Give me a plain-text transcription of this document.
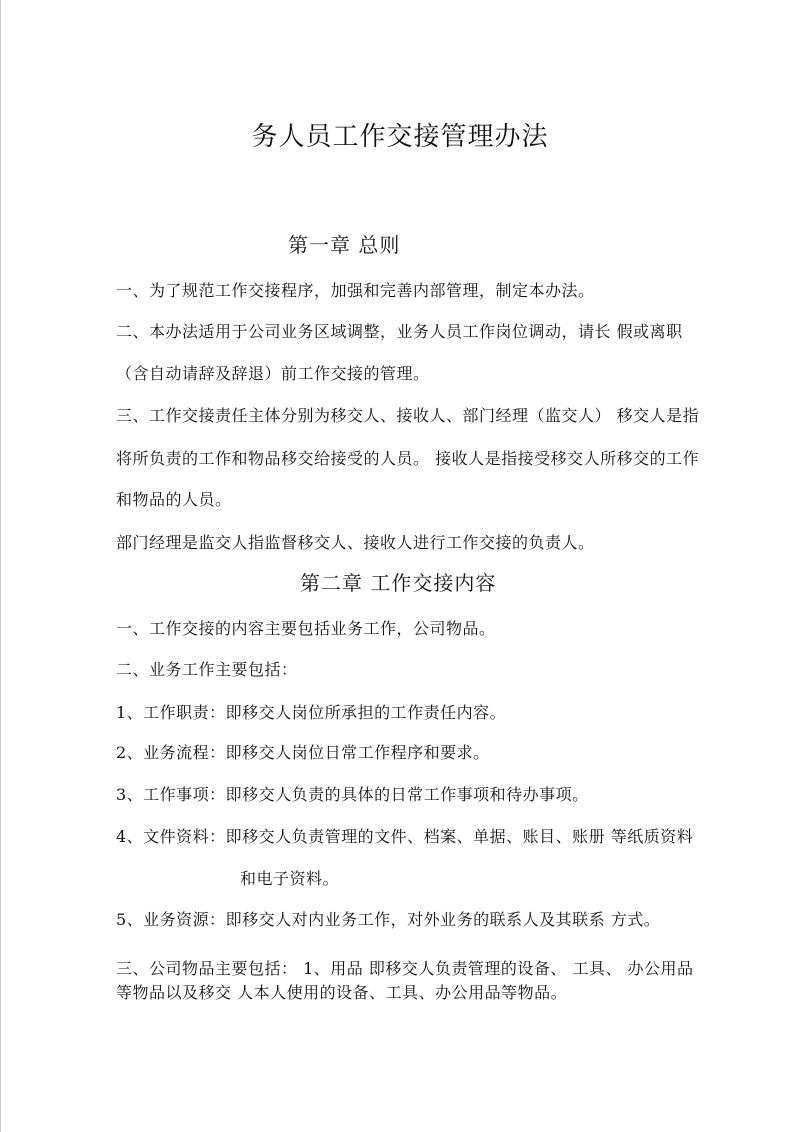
务人员工作交接管理办法
第一章 总则
一、为了规范工作交接程序，加强和完善内部管理，制定本办法。
二、本办法适用于公司业务区域调整，业务人员工作岗位调动，请长 假或离职
（含自动请辞及辞退）前工作交接的管理。
三、工作交接责任主体分别为移交人、接收人、部门经理（监交人） 移交人是指
将所负责的工作和物品移交给接受的人员。 接收人是指接受移交人所移交的工作
和物品的人员。
部门经理是监交人指监督移交人、接收人进行工作交接的负责人。
第二章 工作交接内容
一、工作交接的内容主要包括业务工作，公司物品。
二、业务工作主要包括：
1、工作职责：即移交人岗位所承担的工作责任内容。
2、业务流程：即移交人岗位日常工作程序和要求。
3、工作事项：即移交人负责的具体的日常工作事项和待办事项。
4、文件资料：即移交人负责管理的文件、档案、单据、账目、账册 等纸质资料
和电子资料。
5、业务资源：即移交人对内业务工作，对外业务的联系人及其联系 方式。
三、公司物品主要包括： 1、用品 即移交人负责管理的设备、 工具、 办公用品
等物品以及移交 人本人使用的设备、工具、办公用品等物品。
